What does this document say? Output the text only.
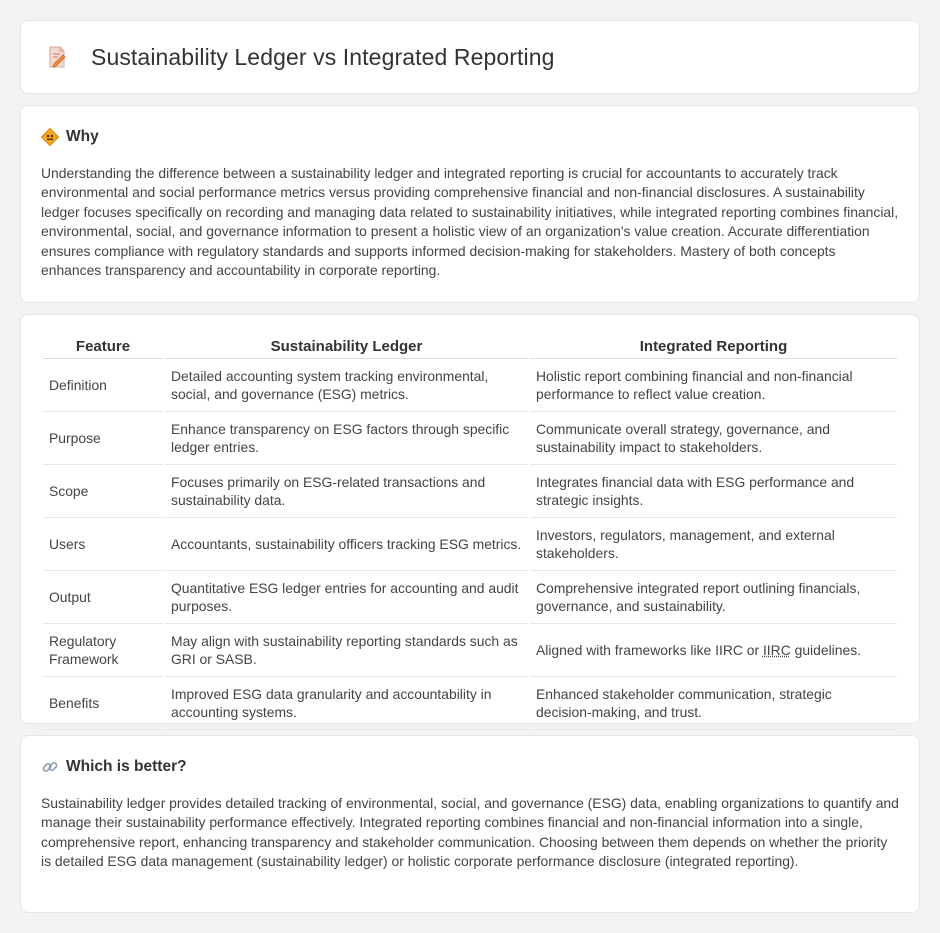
Sustainability Ledger vs Integrated Reporting
Why

Understanding the difference between a sustainability ledger and integrated reporting is crucial for accountants to accurately track environmental and social performance metrics versus providing comprehensive financial and non-financial disclosures. A sustainability ledger focuses specifically on recording and managing data related to sustainability initiatives, while integrated reporting combines financial, environmental, social, and governance information to present a holistic view of an organization's value creation. Accurate differentiation ensures compliance with regulatory standards and supports informed decision-making for stakeholders. Mastery of both concepts enhances transparency and accountability in corporate reporting.

Feature	Sustainability Ledger	Integrated Reporting
Definition	Detailed accounting system tracking environmental, social, and governance (ESG) metrics.	Holistic report combining financial and non-financial performance to reflect value creation.
Purpose	Enhance transparency on ESG factors through specific ledger entries.	Communicate overall strategy, governance, and sustainability impact to stakeholders.
Scope	Focuses primarily on ESG-related transactions and sustainability data.	Integrates financial data with ESG performance and strategic insights.
Users	Accountants, sustainability officers tracking ESG metrics.	Investors, regulators, management, and external stakeholders.
Output	Quantitative ESG ledger entries for accounting and audit purposes.	Comprehensive integrated report outlining financials, governance, and sustainability.
Regulatory Framework	May align with sustainability reporting standards such as GRI or SASB.	Aligned with frameworks like IIRC or IIRC guidelines.
Benefits	Improved ESG data granularity and accountability in accounting systems.	Enhanced stakeholder communication, strategic decision-making, and trust.
Which is better?

Sustainability ledger provides detailed tracking of environmental, social, and governance (ESG) data, enabling organizations to quantify and manage their sustainability performance effectively. Integrated reporting combines financial and non-financial information into a single, comprehensive report, enhancing transparency and stakeholder communication. Choosing between them depends on whether the priority is detailed ESG data management (sustainability ledger) or holistic corporate performance disclosure (integrated reporting).
